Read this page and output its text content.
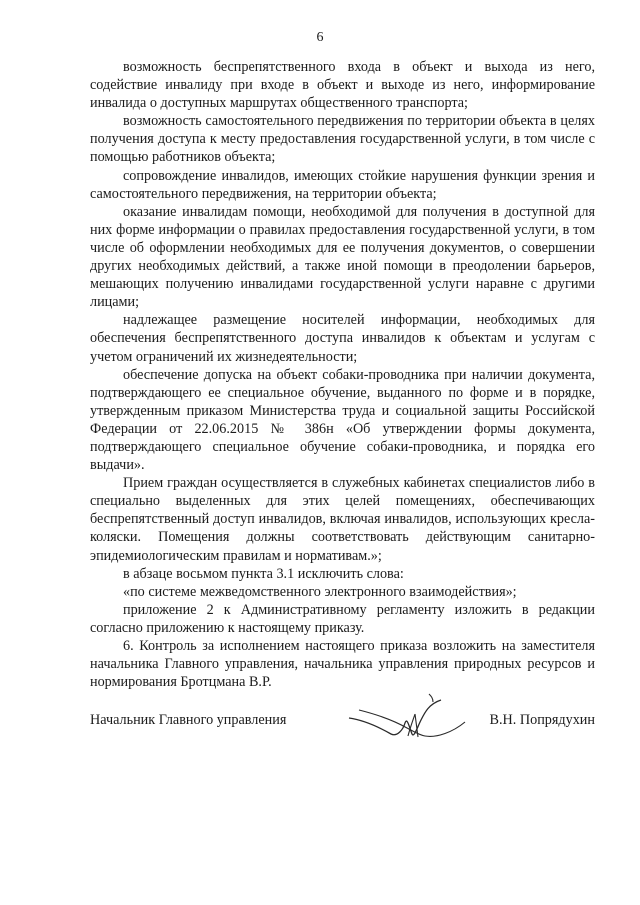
6

возможность беспрепятственного входа в объект и выхода из него, содействие инвалиду при входе в объект и выходе из него, информирование инвалида о доступных маршрутах общественного транспорта;

возможность самостоятельного передвижения по территории объекта в целях получения доступа к месту предоставления государственной услуги, в том числе с помощью работников объекта;

сопровождение инвалидов, имеющих стойкие нарушения функции зрения и самостоятельного передвижения, на территории объекта;

оказание инвалидам помощи, необходимой для получения в доступной для них форме информации о правилах предоставления государственной услуги, в том числе об оформлении необходимых для ее получения документов, о совершении других необходимых действий, а также иной помощи в преодолении барьеров, мешающих получению инвалидами государственной услуги наравне с другими лицами;

надлежащее размещение носителей информации, необходимых для обеспечения беспрепятственного доступа инвалидов к объектам и услугам с учетом ограничений их жизнедеятельности;

обеспечение допуска на объект собаки-проводника при наличии документа, подтверждающего ее специальное обучение, выданного по форме и в порядке, утвержденным приказом Министерства труда и социальной защиты Российской Федерации от 22.06.2015 № 386н «Об утверждении формы документа, подтверждающего специальное обучение собаки-проводника, и порядка его выдачи».

Прием граждан осуществляется в служебных кабинетах специалистов либо в специально выделенных для этих целей помещениях, обеспечивающих беспрепятственный доступ инвалидов, включая инвалидов, использующих кресла-коляски. Помещения должны соответствовать действующим санитарно-эпидемиологическим правилам и нормативам.»;

в абзаце восьмом пункта 3.1 исключить слова:

«по системе межведомственного электронного взаимодействия»;

приложение 2 к Административному регламенту изложить в редакции согласно приложению к настоящему приказу.

6. Контроль за исполнением настоящего приказа возложить на заместителя начальника Главного управления, начальника управления природных ресурсов и нормирования Бротцмана В.Р.

Начальник Главного управления	В.Н. Попрядухин
